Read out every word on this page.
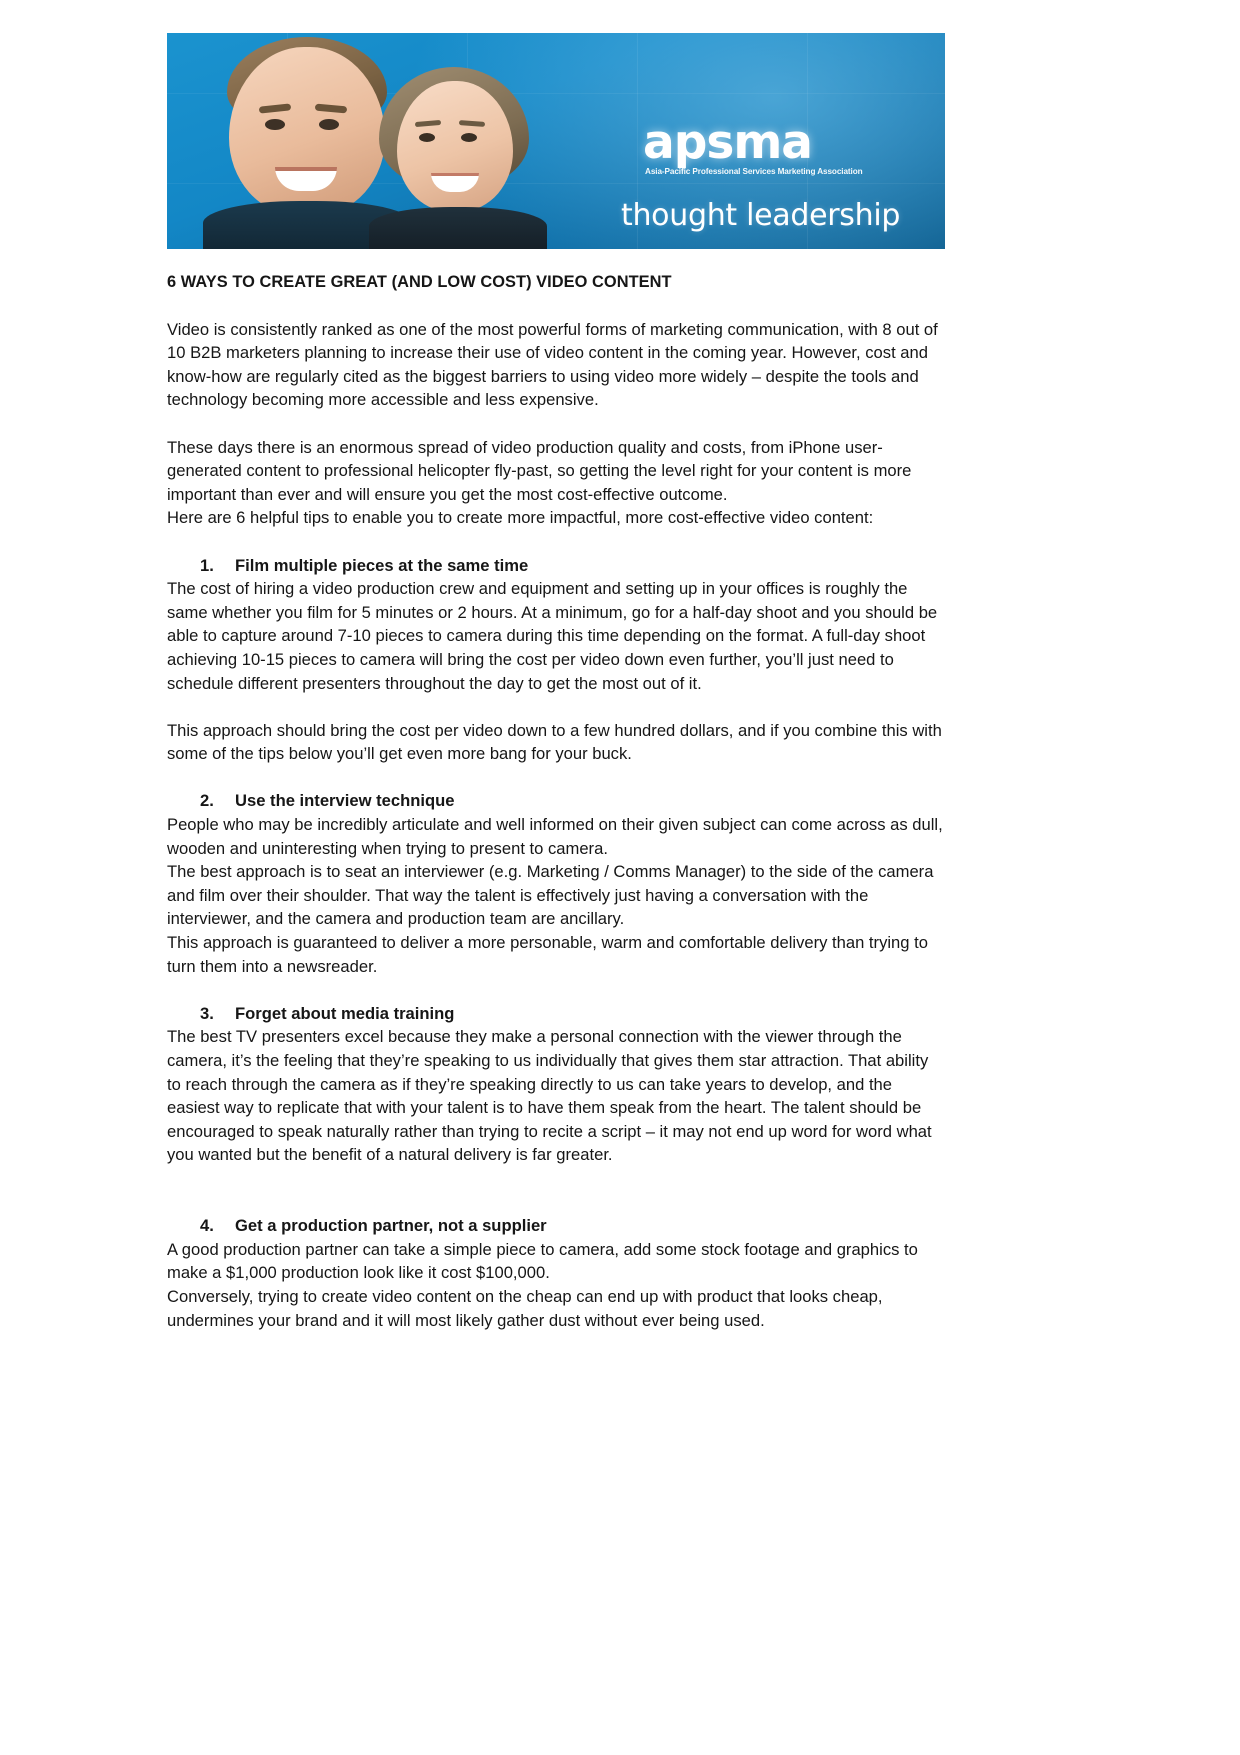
apsma
Asia-Pacific Professional Services Marketing Association
thought leadership
6 WAYS TO CREATE GREAT (AND LOW COST) VIDEO CONTENT

Video is consistently ranked as one of the most powerful forms of marketing communication, with 8 out of 10 B2B marketers planning to increase their use of video content in the coming year. However, cost and know-how are regularly cited as the biggest barriers to using video more widely – despite the tools and technology becoming more accessible and less expensive.

These days there is an enormous spread of video production quality and costs, from iPhone user-generated content to professional helicopter fly-past, so getting the level right for your content is more important than ever and will ensure you get the most cost-effective outcome.

Here are 6 helpful tips to enable you to create more impactful, more cost-effective video content:

1. Film multiple pieces at the same time

The cost of hiring a video production crew and equipment and setting up in your offices is roughly the same whether you film for 5 minutes or 2 hours. At a minimum, go for a half-day shoot and you should be able to capture around 7-10 pieces to camera during this time depending on the format. A full-day shoot achieving 10-15 pieces to camera will bring the cost per video down even further, you’ll just need to schedule different presenters throughout the day to get the most out of it.

This approach should bring the cost per video down to a few hundred dollars, and if you combine this with some of the tips below you’ll get even more bang for your buck.

2. Use the interview technique

People who may be incredibly articulate and well informed on their given subject can come across as dull, wooden and uninteresting when trying to present to camera.

The best approach is to seat an interviewer (e.g. Marketing / Comms Manager) to the side of the camera and film over their shoulder. That way the talent is effectively just having a conversation with the interviewer, and the camera and production team are ancillary.

This approach is guaranteed to deliver a more personable, warm and comfortable delivery than trying to turn them into a newsreader.

3. Forget about media training

The best TV presenters excel because they make a personal connection with the viewer through the camera, it’s the feeling that they’re speaking to us individually that gives them star attraction. That ability to reach through the camera as if they’re speaking directly to us can take years to develop, and the easiest way to replicate that with your talent is to have them speak from the heart. The talent should be encouraged to speak naturally rather than trying to recite a script – it may not end up word for word what you wanted but the benefit of a natural delivery is far greater.

4. Get a production partner, not a supplier

A good production partner can take a simple piece to camera, add some stock footage and graphics to make a $1,000 production look like it cost $100,000.

Conversely, trying to create video content on the cheap can end up with product that looks cheap, undermines your brand and it will most likely gather dust without ever being used.
